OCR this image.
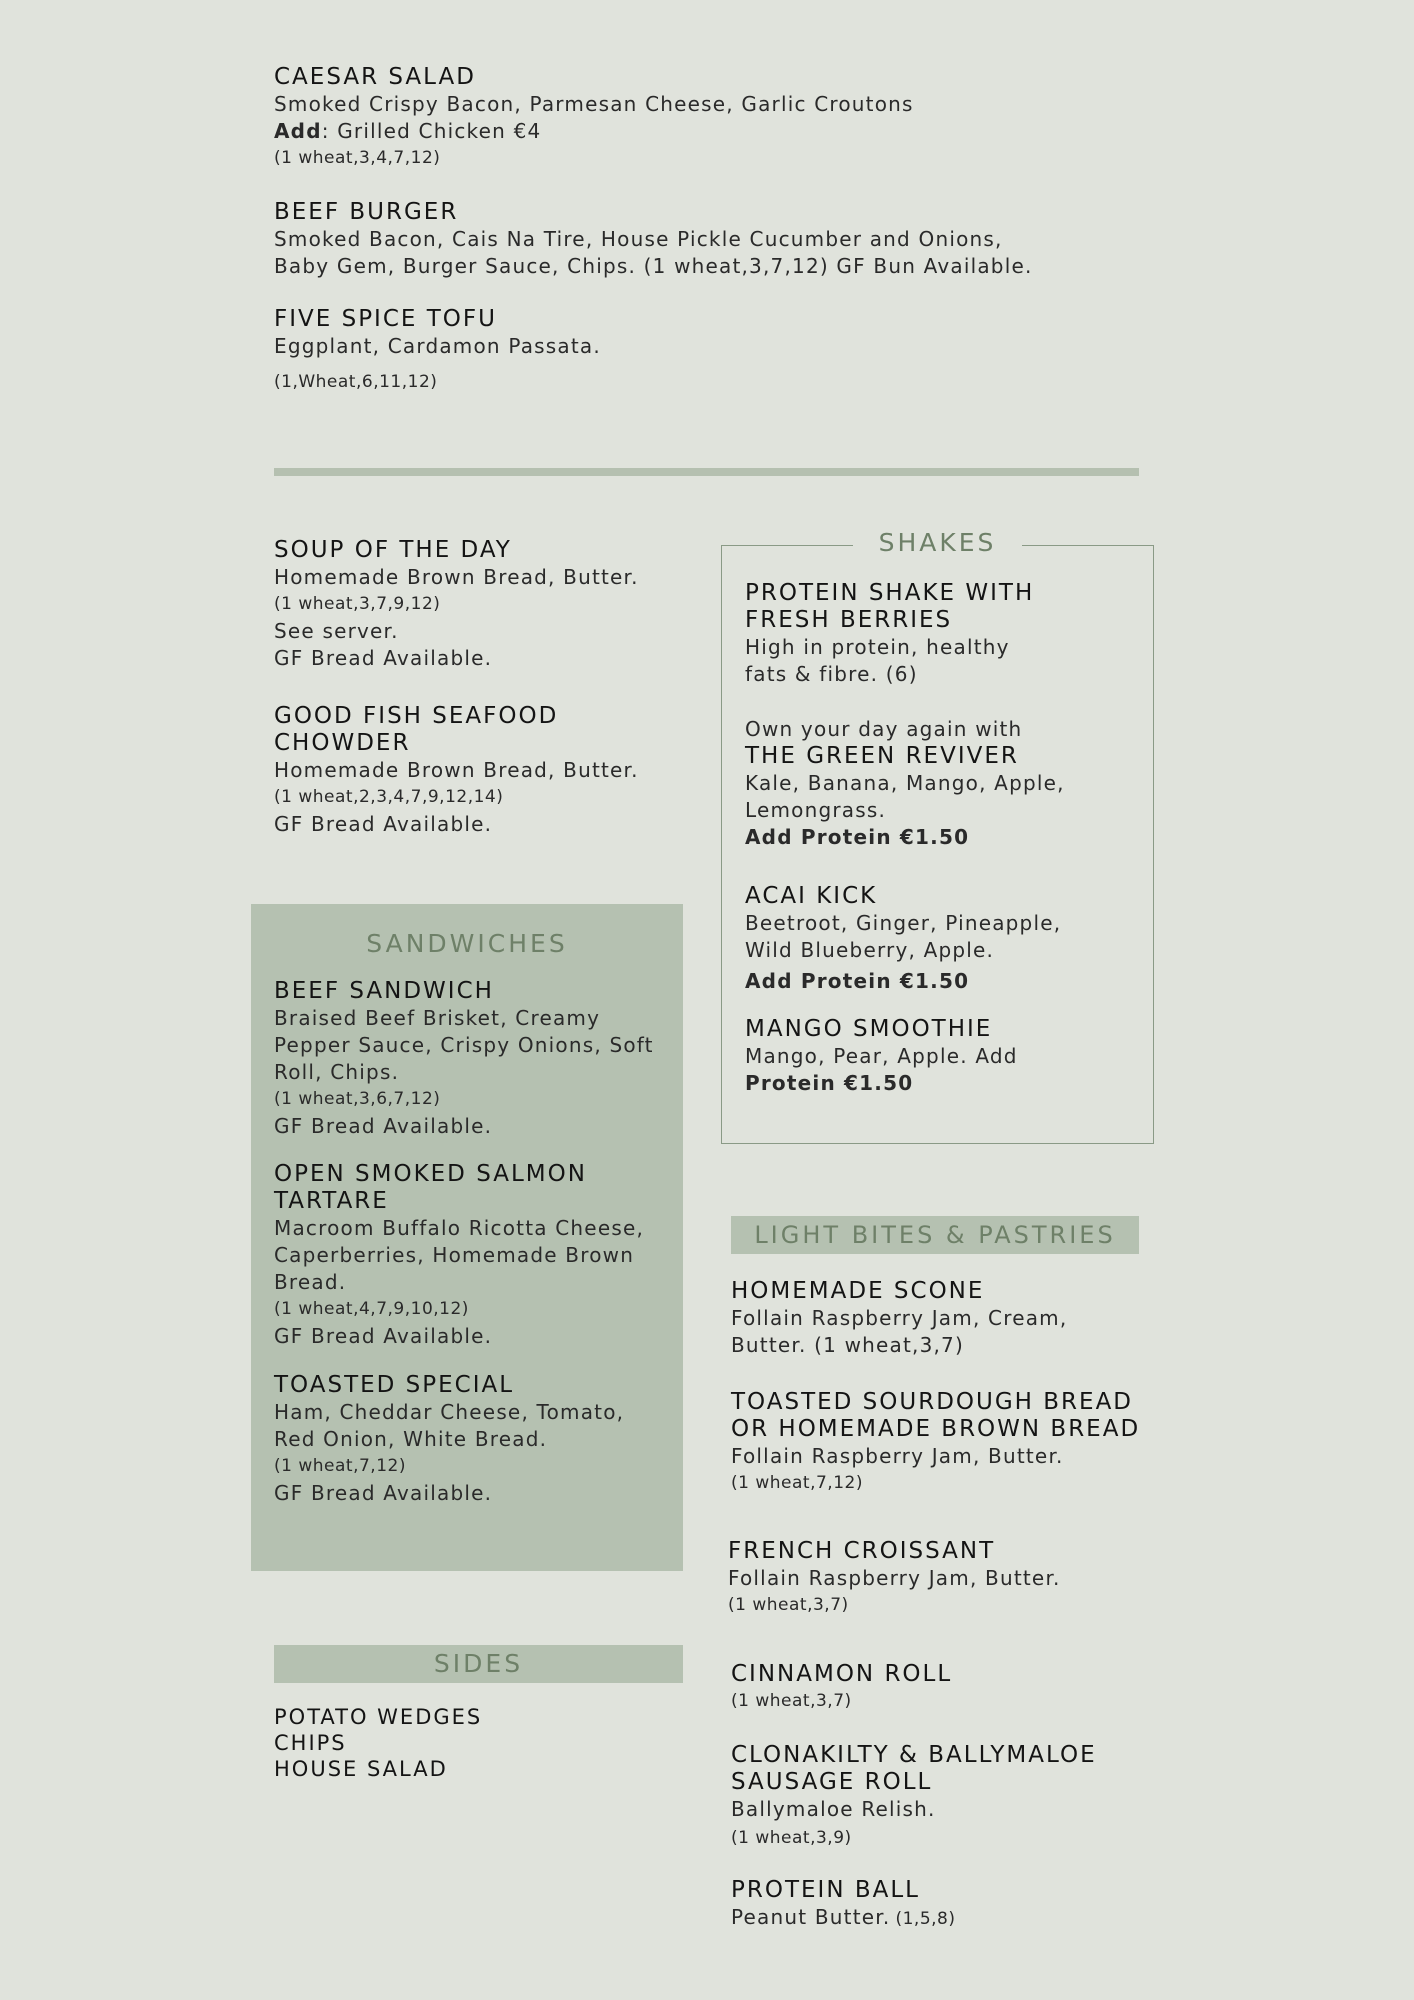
CAESAR SALAD
Smoked Crispy Bacon, Parmesan Cheese, Garlic Croutons
Add: Grilled Chicken €4
(1 wheat,3,4,7,12)
BEEF BURGER
Smoked Bacon, Cais Na Tire, House Pickle Cucumber and Onions,
Baby Gem, Burger Sauce, Chips. (1 wheat,3,7,12) GF Bun Available.
FIVE SPICE TOFU
Eggplant, Cardamon Passata.
(1,Wheat,6,11,12)
SOUP OF THE DAY
Homemade Brown Bread, Butter.
(1 wheat,3,7,9,12)
See server.
GF Bread Available.
GOOD FISH SEAFOOD
CHOWDER
Homemade Brown Bread, Butter.
(1 wheat,2,3,4,7,9,12,14)
GF Bread Available.
SANDWICHES
BEEF SANDWICH
Braised Beef Brisket, Creamy
Pepper Sauce, Crispy Onions, Soft
Roll, Chips.
(1 wheat,3,6,7,12)
GF Bread Available.
OPEN SMOKED SALMON
TARTARE
Macroom Buffalo Ricotta Cheese,
Caperberries, Homemade Brown
Bread.
(1 wheat,4,7,9,10,12)
GF Bread Available.
TOASTED SPECIAL
Ham, Cheddar Cheese, Tomato,
Red Onion, White Bread.
(1 wheat,7,12)
GF Bread Available.
SIDES
POTATO WEDGES
CHIPS
HOUSE SALAD
SHAKES
PROTEIN SHAKE WITH
FRESH BERRIES
High in protein, healthy
fats & fibre. (6)
Own your day again with
THE GREEN REVIVER
Kale, Banana, Mango, Apple,
Lemongrass.
Add Protein €1.50
ACAI KICK
Beetroot, Ginger, Pineapple,
Wild Blueberry, Apple.
Add Protein €1.50
MANGO SMOOTHIE
Mango, Pear, Apple. Add
Protein €1.50
LIGHT BITES & PASTRIES
HOMEMADE SCONE
Follain Raspberry Jam, Cream,
Butter. (1 wheat,3,7)
TOASTED SOURDOUGH BREAD
OR HOMEMADE BROWN BREAD
Follain Raspberry Jam, Butter.
(1 wheat,7,12)
FRENCH CROISSANT
Follain Raspberry Jam, Butter.
(1 wheat,3,7)
CINNAMON ROLL
(1 wheat,3,7)
CLONAKILTY & BALLYMALOE
SAUSAGE ROLL
Ballymaloe Relish.
(1 wheat,3,9)
PROTEIN BALL
Peanut Butter. (1,5,8)
